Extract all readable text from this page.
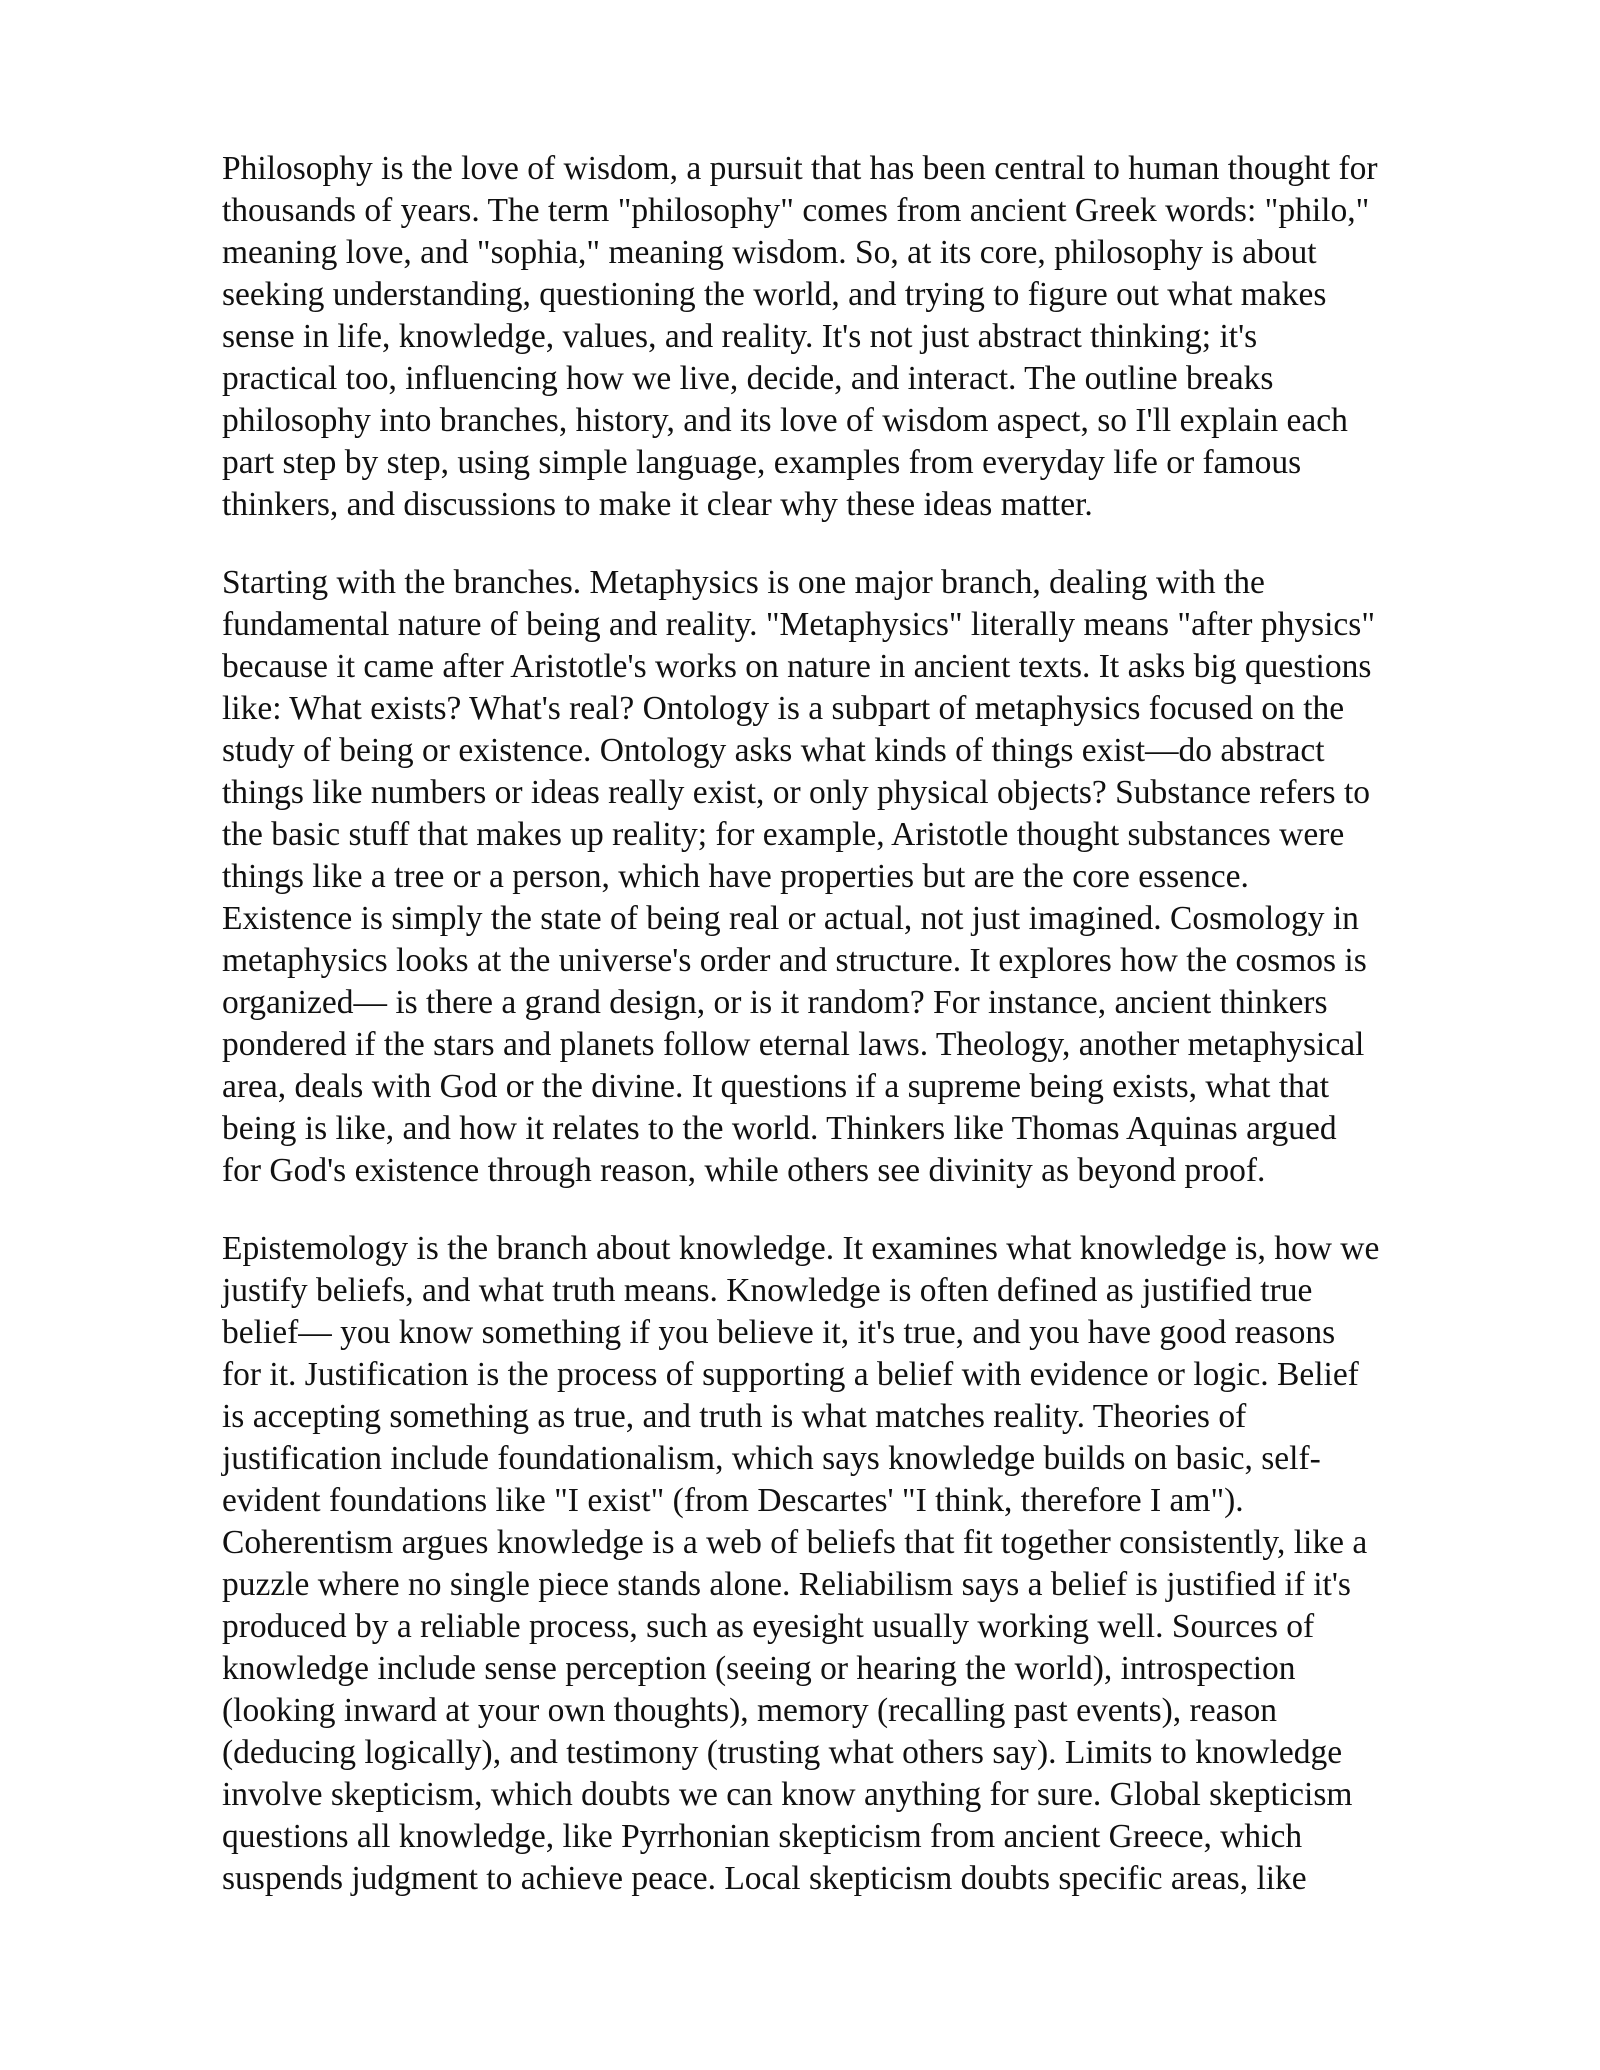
Philosophy is the love of wisdom, a pursuit that has been central to human thought for
thousands of years. The term "philosophy" comes from ancient Greek words: "philo,"
meaning love, and "sophia," meaning wisdom. So, at its core, philosophy is about
seeking understanding, questioning the world, and trying to figure out what makes
sense in life, knowledge, values, and reality. It's not just abstract thinking; it's
practical too, influencing how we live, decide, and interact. The outline breaks
philosophy into branches, history, and its love of wisdom aspect, so I'll explain each
part step by step, using simple language, examples from everyday life or famous
thinkers, and discussions to make it clear why these ideas matter.
Starting with the branches. Metaphysics is one major branch, dealing with the
fundamental nature of being and reality. "Metaphysics" literally means "after physics"
because it came after Aristotle's works on nature in ancient texts. It asks big questions
like: What exists? What's real? Ontology is a subpart of metaphysics focused on the
study of being or existence. Ontology asks what kinds of things exist—do abstract
things like numbers or ideas really exist, or only physical objects? Substance refers to
the basic stuff that makes up reality; for example, Aristotle thought substances were
things like a tree or a person, which have properties but are the core essence.
Existence is simply the state of being real or actual, not just imagined. Cosmology in
metaphysics looks at the universe's order and structure. It explores how the cosmos is
organized— is there a grand design, or is it random? For instance, ancient thinkers
pondered if the stars and planets follow eternal laws. Theology, another metaphysical
area, deals with God or the divine. It questions if a supreme being exists, what that
being is like, and how it relates to the world. Thinkers like Thomas Aquinas argued
for God's existence through reason, while others see divinity as beyond proof.
Epistemology is the branch about knowledge. It examines what knowledge is, how we
justify beliefs, and what truth means. Knowledge is often defined as justified true
belief— you know something if you believe it, it's true, and you have good reasons
for it. Justification is the process of supporting a belief with evidence or logic. Belief
is accepting something as true, and truth is what matches reality. Theories of
justification include foundationalism, which says knowledge builds on basic, self-
evident foundations like "I exist" (from Descartes' "I think, therefore I am").
Coherentism argues knowledge is a web of beliefs that fit together consistently, like a
puzzle where no single piece stands alone. Reliabilism says a belief is justified if it's
produced by a reliable process, such as eyesight usually working well. Sources of
knowledge include sense perception (seeing or hearing the world), introspection
(looking inward at your own thoughts), memory (recalling past events), reason
(deducing logically), and testimony (trusting what others say). Limits to knowledge
involve skepticism, which doubts we can know anything for sure. Global skepticism
questions all knowledge, like Pyrrhonian skepticism from ancient Greece, which
suspends judgment to achieve peace. Local skepticism doubts specific areas, like
